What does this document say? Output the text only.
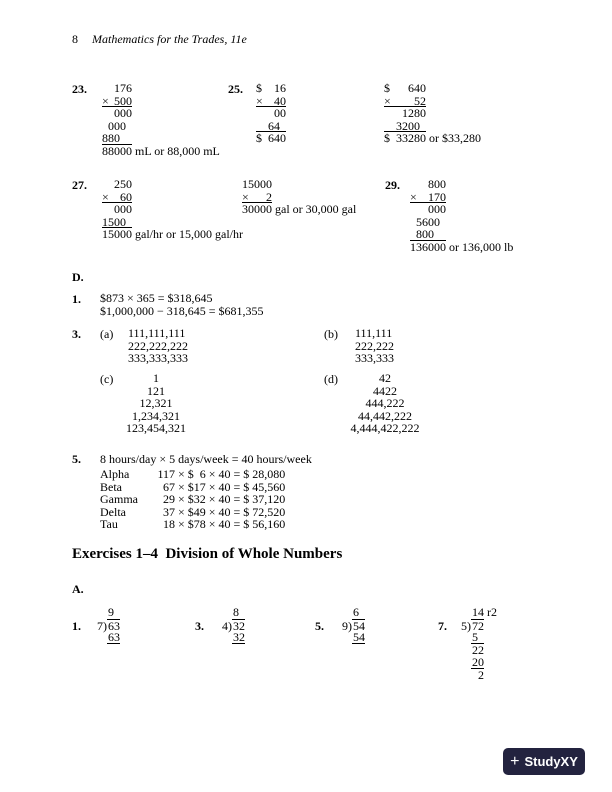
8 Mathematics for the Trades, 11e
23.	176
× 500
000
000
880
88000 mL or 88,000 mL
25. $ 16
× 40
00
64
$ 640
$ 640
× 52
1280
3200
$ 33280 or $33,280
27.	250
× 60
000
1500
15000 gal/hr or 15,000 gal/hr
15000
× 2
30000 gal or 30,000 gal
29.	800
× 170
000
5600
800
136000 or 136,000 lb
D.
1. $873 × 365 = $318,645
$1,000,000 − 318,645 = $681,355
3. (a) 111,111,111
222,222,222
333,333,333
(b) 111,111
222,222
333,333
(c)	1
121
12,321
1,234,321
123,454,321
(d)	42
4422
444,222
44,442,222
4,444,422,222
5. 8 hours/day × 5 days/week = 40 hours/week
Alpha 117 × $  6 × 40 = $ 28,080
Beta	67 × $17 × 40 = $ 45,560
Gamma 29 × $32 × 40 = $ 37,120
Delta	37 × $49 × 40 = $ 72,520
Tau	18 × $78 × 40 = $ 56,160
Exercises 1–4  Division of Whole Numbers
A.
1.
9
7) 63
63
3.
8
4) 32
32
5.
6
9) 54
54
7.
14 r2
5) 72
5
22
20
2
+ StudyXY
